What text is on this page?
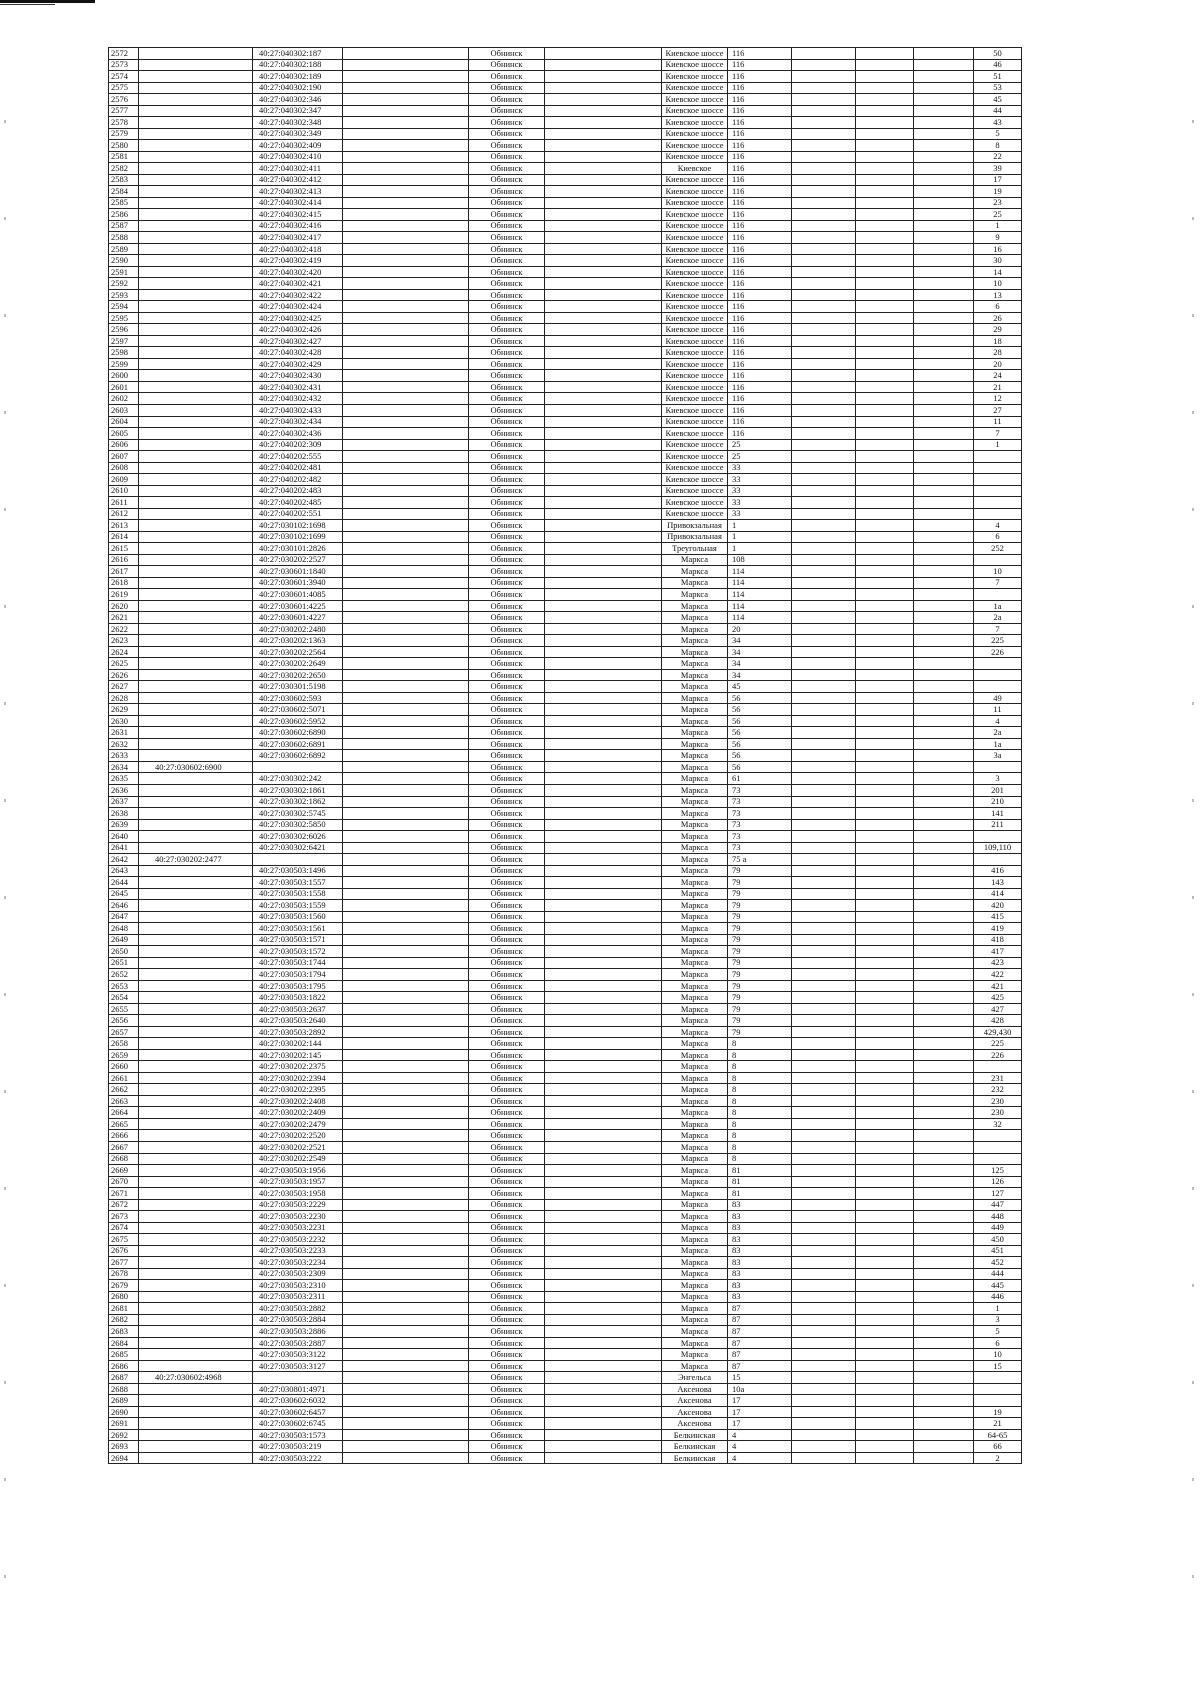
2572		40:27:040302:187		Обнинск		Киевское шоссе	116				50
2573		40:27:040302:188		Обнинск		Киевское шоссе	116				46
2574		40:27:040302:189		Обнинск		Киевское шоссе	116				51
2575		40:27:040302:190		Обнинск		Киевское шоссе	116				53
2576		40:27:040302:346		Обнинск		Киевское шоссе	116				45
2577		40:27:040302:347		Обнинск		Киевское шоссе	116				44
2578		40:27:040302:348		Обнинск		Киевское шоссе	116				43
2579		40:27:040302:349		Обнинск		Киевское шоссе	116				5
2580		40:27:040302:409		Обнинск		Киевское шоссе	116				8
2581		40:27:040302:410		Обнинск		Киевское шоссе	116				22
2582		40:27:040302:411		Обнинск		Киевское	116				39
2583		40:27:040302:412		Обнинск		Киевское шоссе	116				17
2584		40:27:040302:413		Обнинск		Киевское шоссе	116				19
2585		40:27:040302:414		Обнинск		Киевское шоссе	116				23
2586		40:27:040302:415		Обнинск		Киевское шоссе	116				25
2587		40:27:040302:416		Обнинск		Киевское шоссе	116				1
2588		40:27:040302:417		Обнинск		Киевское шоссе	116				9
2589		40:27:040302:418		Обнинск		Киевское шоссе	116				16
2590		40:27:040302:419		Обнинск		Киевское шоссе	116				30
2591		40:27:040302:420		Обнинск		Киевское шоссе	116				14
2592		40:27:040302:421		Обнинск		Киевское шоссе	116				10
2593		40:27:040302:422		Обнинск		Киевское шоссе	116				13
2594		40:27:040302:424		Обнинск		Киевское шоссе	116				6
2595		40:27:040302:425		Обнинск		Киевское шоссе	116				26
2596		40:27:040302:426		Обнинск		Киевское шоссе	116				29
2597		40:27:040302:427		Обнинск		Киевское шоссе	116				18
2598		40:27:040302:428		Обнинск		Киевское шоссе	116				28
2599		40:27:040302:429		Обнинск		Киевское шоссе	116				20
2600		40:27:040302:430		Обнинск		Киевское шоссе	116				24
2601		40:27:040302:431		Обнинск		Киевское шоссе	116				21
2602		40:27:040302:432		Обнинск		Киевское шоссе	116				12
2603		40:27:040302:433		Обнинск		Киевское шоссе	116				27
2604		40:27:040302:434		Обнинск		Киевское шоссе	116				11
2605		40:27:040302:436		Обнинск		Киевское шоссе	116				7
2606		40:27:040202:309		Обнинск		Киевское шоссе	25				1
2607		40:27:040202:555		Обнинск		Киевское шоссе	25				
2608		40:27:040202:481		Обнинск		Киевское шоссе	33				
2609		40:27:040202:482		Обнинск		Киевское шоссе	33				
2610		40:27:040202:483		Обнинск		Киевское шоссе	33				
2611		40:27:040202:485		Обнинск		Киевское шоссе	33				
2612		40:27:040202:551		Обнинск		Киевское шоссе	33				
2613		40:27:030102:1698		Обнинск		Привокзальная	1				4
2614		40:27:030102:1699		Обнинск		Привокзальная	1				6
2615		40:27:030101:2826		Обнинск		Треугольная	1				252
2616		40:27:030202:2527		Обнинск		Маркса	108				
2617		40:27:030601:1840		Обнинск		Маркса	114				10
2618		40:27:030601:3940		Обнинск		Маркса	114				7
2619		40:27:030601:4085		Обнинск		Маркса	114				
2620		40:27:030601:4225		Обнинск		Маркса	114				1а
2621		40:27:030601:4227		Обнинск		Маркса	114				2а
2622		40:27:030202:2480		Обнинск		Маркса	20				7
2623		40:27:030202:1363		Обнинск		Маркса	34				225
2624		40:27:030202:2564		Обнинск		Маркса	34				226
2625		40:27:030202:2649		Обнинск		Маркса	34				
2626		40:27:030202:2650		Обнинск		Маркса	34				
2627		40:27:030301:5198		Обнинск		Маркса	45				
2628		40:27:030602:593		Обнинск		Маркса	56				49
2629		40:27:030602:5071		Обнинск		Маркса	56				11
2630		40:27:030602:5952		Обнинск		Маркса	56				4
2631		40:27:030602:6890		Обнинск		Маркса	56				2а
2632		40:27:030602:6891		Обнинск		Маркса	56				1а
2633		40:27:030602:6892		Обнинск		Маркса	56				3а
2634	40:27:030602:6900			Обнинск		Маркса	56				
2635		40:27:030302:242		Обнинск		Маркса	61				3
2636		40:27:030302:1861		Обнинск		Маркса	73				201
2637		40:27:030302:1862		Обнинск		Маркса	73				210
2638		40:27:030302:5745		Обнинск		Маркса	73				141
2639		40:27:030302:5850		Обнинск		Маркса	73				211
2640		40:27:030302:6026		Обнинск		Маркса	73				
2641		40:27:030302:6421		Обнинск		Маркса	73				109,110
2642	40:27:030202:2477			Обнинск		Маркса	75 а				
2643		40:27:030503:1496		Обнинск		Маркса	79				416
2644		40:27:030503:1557		Обнинск		Маркса	79				143
2645		40:27:030503:1558		Обнинск		Маркса	79				414
2646		40:27:030503:1559		Обнинск		Маркса	79				420
2647		40:27:030503:1560		Обнинск		Маркса	79				415
2648		40:27:030503:1561		Обнинск		Маркса	79				419
2649		40:27:030503:1571		Обнинск		Маркса	79				418
2650		40:27:030503:1572		Обнинск		Маркса	79				417
2651		40:27:030503:1744		Обнинск		Маркса	79				423
2652		40:27:030503:1794		Обнинск		Маркса	79				422
2653		40:27:030503:1795		Обнинск		Маркса	79				421
2654		40:27:030503:1822		Обнинск		Маркса	79				425
2655		40:27:030503:2637		Обнинск		Маркса	79				427
2656		40:27:030503:2640		Обнинск		Маркса	79				428
2657		40:27:030503:2892		Обнинск		Маркса	79				429,430
2658		40:27:030202:144		Обнинск		Маркса	8				225
2659		40:27:030202:145		Обнинск		Маркса	8				226
2660		40:27:030202:2375		Обнинск		Маркса	8				
2661		40:27:030202:2394		Обнинск		Маркса	8				231
2662		40:27:030202:2395		Обнинск		Маркса	8				232
2663		40:27:030202:2408		Обнинск		Маркса	8				230
2664		40:27:030202:2409		Обнинск		Маркса	8				230
2665		40:27:030202:2479		Обнинск		Маркса	8				32
2666		40:27:030202:2520		Обнинск		Маркса	8				
2667		40:27:030202:2521		Обнинск		Маркса	8				
2668		40:27:030202:2549		Обнинск		Маркса	8				
2669		40:27:030503:1956		Обнинск		Маркса	81				125
2670		40:27:030503:1957		Обнинск		Маркса	81				126
2671		40:27:030503:1958		Обнинск		Маркса	81				127
2672		40:27:030503:2229		Обнинск		Маркса	83				447
2673		40:27:030503:2230		Обнинск		Маркса	83				448
2674		40:27:030503:2231		Обнинск		Маркса	83				449
2675		40:27:030503:2232		Обнинск		Маркса	83				450
2676		40:27:030503:2233		Обнинск		Маркса	83				451
2677		40:27:030503:2234		Обнинск		Маркса	83				452
2678		40:27:030503:2309		Обнинск		Маркса	83				444
2679		40:27:030503:2310		Обнинск		Маркса	83				445
2680		40:27:030503:2311		Обнинск		Маркса	83				446
2681		40:27:030503:2882		Обнинск		Маркса	87				1
2682		40:27:030503:2884		Обнинск		Маркса	87				3
2683		40:27:030503:2886		Обнинск		Маркса	87				5
2684		40:27:030503:2887		Обнинск		Маркса	87				6
2685		40:27:030503:3122		Обнинск		Маркса	87				10
2686		40:27:030503:3127		Обнинск		Маркса	87				15
2687	40:27:030602:4968			Обнинск		Энгельса	15				
2688		40:27:030801:4971		Обнинск		Аксенова	10а				
2689		40:27:030602:6032		Обнинск		Аксенова	17				
2690		40:27:030602:6457		Обнинск		Аксенова	17				19
2691		40:27:030602:6745		Обнинск		Аксенова	17				21
2692		40:27:030503:1573		Обнинск		Белкинская	4				64-65
2693		40:27:030503:219		Обнинск		Белкинская	4				66
2694		40:27:030503:222		Обнинск		Белкинская	4				2
